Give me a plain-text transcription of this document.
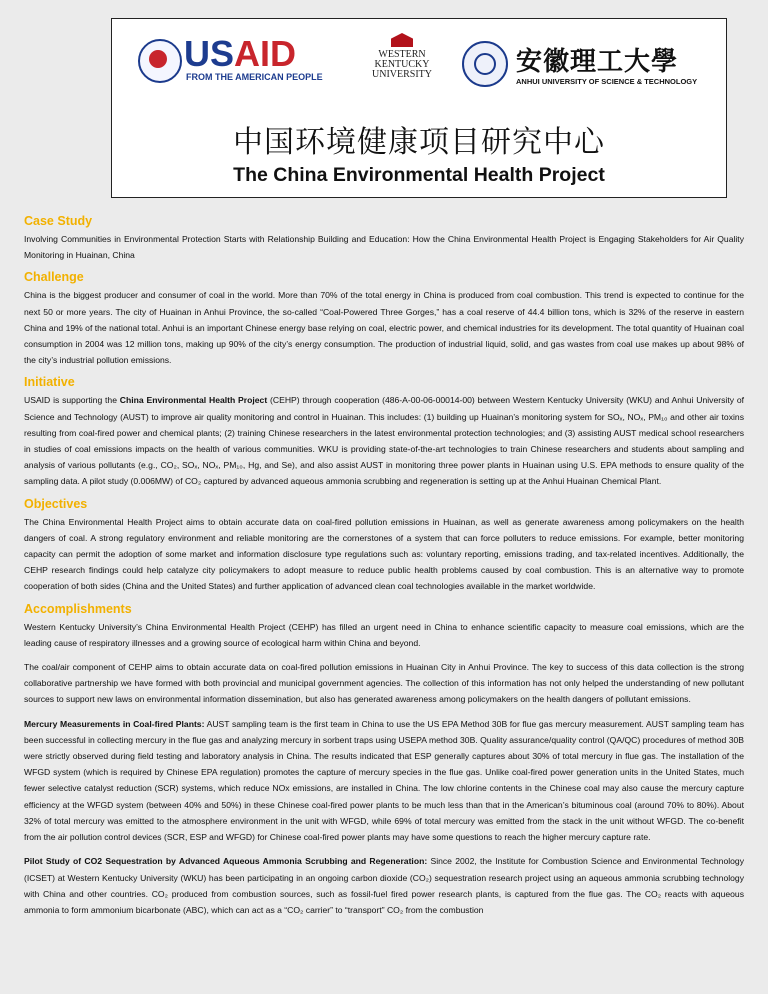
USAID
FROM THE AMERICAN PEOPLE
WESTERN
KENTUCKY
UNIVERSITY	安徽理工大學
ANHUI UNIVERSITY OF SCIENCE & TECHNOLOGY
中国环境健康项目研究中心
The China Environmental Health Project
Case Study

Involving Communities in Environmental Protection Starts with Relationship Building and Education: How the China Environmental Health Project is Engaging Stakeholders for Air Quality Monitoring in Huainan, China

Challenge

China is the biggest producer and consumer of coal in the world. More than 70% of the total energy in China is produced from coal combustion. This trend is expected to continue for the next 50 or more years. The city of Huainan in Anhui Province, the so-called “Coal-Powered Three Gorges,” has a coal reserve of 44.4 billion tons, which is 32% of the reserve in eastern China and 19% of the national total. Anhui is an important Chinese energy base relying on coal, electric power, and chemical industries for its development. The total quantity of Huainan coal consumption in 2004 was 12 million tons, making up 90% of the city’s energy consumption. The production of industrial liquid, solid, and gas wastes from coal use makes up about 98% of the city’s industrial pollution emissions.

Initiative

USAID is supporting the China Environmental Health Project (CEHP) through cooperation (486-A-00-06-00014-00) between Western Kentucky University (WKU) and Anhui University of Science and Technology (AUST) to improve air quality monitoring and control in Huainan. This includes: (1) building up Huainan’s monitoring system for SOₓ, NOₓ, PM₁₀ and other air toxins resulting from coal-fired power and chemical plants; (2) training Chinese researchers in the latest environmental protection technologies; and (3) assisting AUST medical school researchers in studies of coal emissions impacts on the health of various communities. WKU is providing state-of-the-art technologies to train Chinese researchers and students about sampling and analysis of various pollutants (e.g., CO₂, SOₓ, NOₓ, PM₁₀, Hg, and Se), and also assist AUST in monitoring three power plants in Huainan using U.S. EPA methods to ensure quality of the sampling data. A pilot study (0.006MW) of CO₂ captured by advanced aqueous ammonia scrubbing and regeneration is setting up at the Anhui Huainan Chemical Plant.

Objectives

The China Environmental Health Project aims to obtain accurate data on coal-fired pollution emissions in Huainan, as well as generate awareness among policymakers on the health dangers of coal. A strong regulatory environment and reliable monitoring are the cornerstones of a system that can force polluters to reduce emissions. For example, better monitoring capacity can permit the adoption of some market and information disclosure type regulations such as: voluntary reporting, emissions trading, and tax-related incentives. Additionally, the CEHP research findings could help catalyze city policymakers to adopt measure to reduce public health problems caused by coal combustion. This is an alternative way to promote cooperation of both sides (China and the United States) and further application of advanced clean coal technologies available in the market worldwide.

Accomplishments

Western Kentucky University’s China Environmental Health Project (CEHP) has filled an urgent need in China to enhance scientific capacity to measure coal emissions, which are the leading cause of respiratory illnesses and a growing source of ecological harm within China and beyond.

The coal/air component of CEHP aims to obtain accurate data on coal-fired pollution emissions in Huainan City in Anhui Province. The key to success of this data collection is the strong collaborative partnership we have formed with both provincial and municipal government agencies. The collection of this information has not only helped the understanding of new pollutant sources to support new laws on environmental information dissemination, but also has generated awareness among policymakers on the health dangers of pollutant emissions.

Mercury Measurements in Coal-fired Plants: AUST sampling team is the first team in China to use the US EPA Method 30B for flue gas mercury measurement. AUST sampling team has been successful in collecting mercury in the flue gas and analyzing mercury in sorbent traps using USEPA method 30B. Quality assurance/quality control (QA/QC) procedures of method 30B were strictly observed during field testing and laboratory analysis in China. The results indicated that ESP generally captures about 30% of total mercury in flue gas. The installation of the WFGD system (which is required by Chinese EPA regulation) promotes the capture of mercury species in the flue gas. Unlike coal-fired power generation units in the United States, much fewer selective catalyst reduction (SCR) systems, which reduce NOx emissions, are installed in China. The low chlorine contents in the Chinese coal may also cause the mercury capture efficiency at the WFGD system (between 40% and 50%) in these Chinese coal-fired power plants to be much less than that in the American’s bituminous coal (around 70% to 80%). About 32% of total mercury was emitted to the atmosphere environment in the unit with WFGD, while 69% of total mercury was emitted from the stack in the unit without WFGD. The co-benefit from the air pollution control devices (SCR, ESP and WFGD) for Chinese coal-fired power plants may have some questions to reach the higher mercury capture rate.

Pilot Study of CO2 Sequestration by Advanced Aqueous Ammonia Scrubbing and Regeneration: Since 2002, the Institute for Combustion Science and Environmental Technology (ICSET) at Western Kentucky University (WKU) has been participating in an ongoing carbon dioxide (CO₂) sequestration research project using an aqueous ammonia scrubbing technology with China and other countries. CO₂ produced from combustion sources, such as fossil-fuel fired power research plants, is captured from the flue gas. The CO₂ reacts with aqueous ammonia to form ammonium bicarbonate (ABC), which can act as a “CO₂ carrier” to “transport” CO₂ from the combustion
